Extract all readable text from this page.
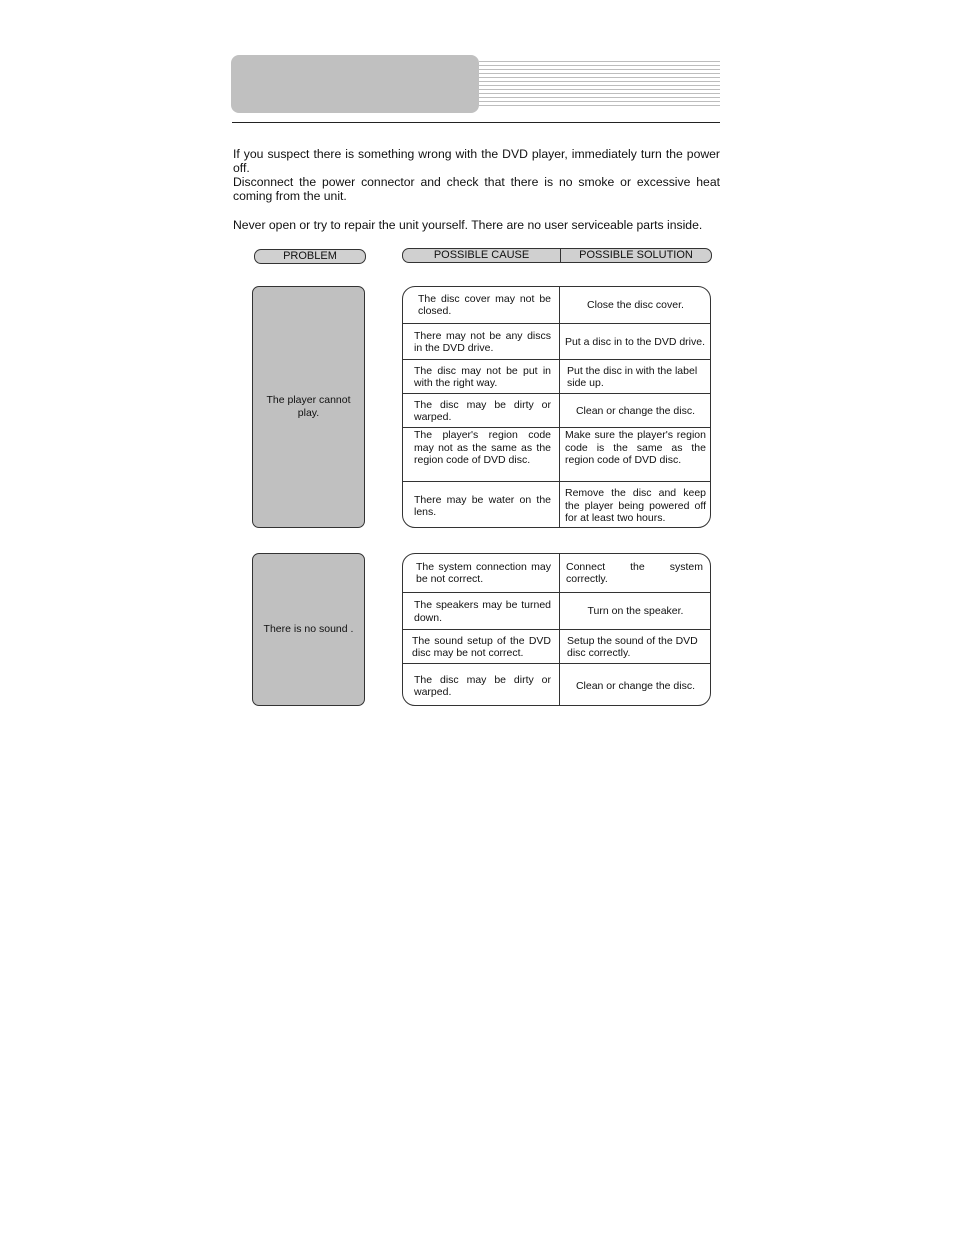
If you suspect there is something wrong with the DVD player, immediately turn the power off.

Disconnect the power connector and check that there is no smoke or excessive heat coming from the unit.

Never open or try to repair the unit yourself. There are no user serviceable parts inside.

PROBLEM	POSSIBLE CAUSE	POSSIBLE SOLUTION
The player cannot play.
The disc cover may not be closed.
Close the disc cover.
There may not be any discs in the DVD drive.
Put a disc in to the DVD drive.
The disc may not be put in with the right way.
Put the disc in with the label side up.
The disc may be dirty or warped.
Clean or change the disc.
The player's region code may not as the same as the region code of DVD disc.
Make sure the player's region code is the same as the region code of DVD disc.
There may be water on the lens.
Remove the disc and keep the player being powered off for at least two hours.
There is no sound .
The system connection may be not correct.
Connect the system correctly.
The speakers may be turned down.
Turn on the speaker.
The sound setup of the DVD disc may be not correct.
Setup the sound of the DVD disc correctly.
The disc may be dirty or warped.
Clean or change the disc.
